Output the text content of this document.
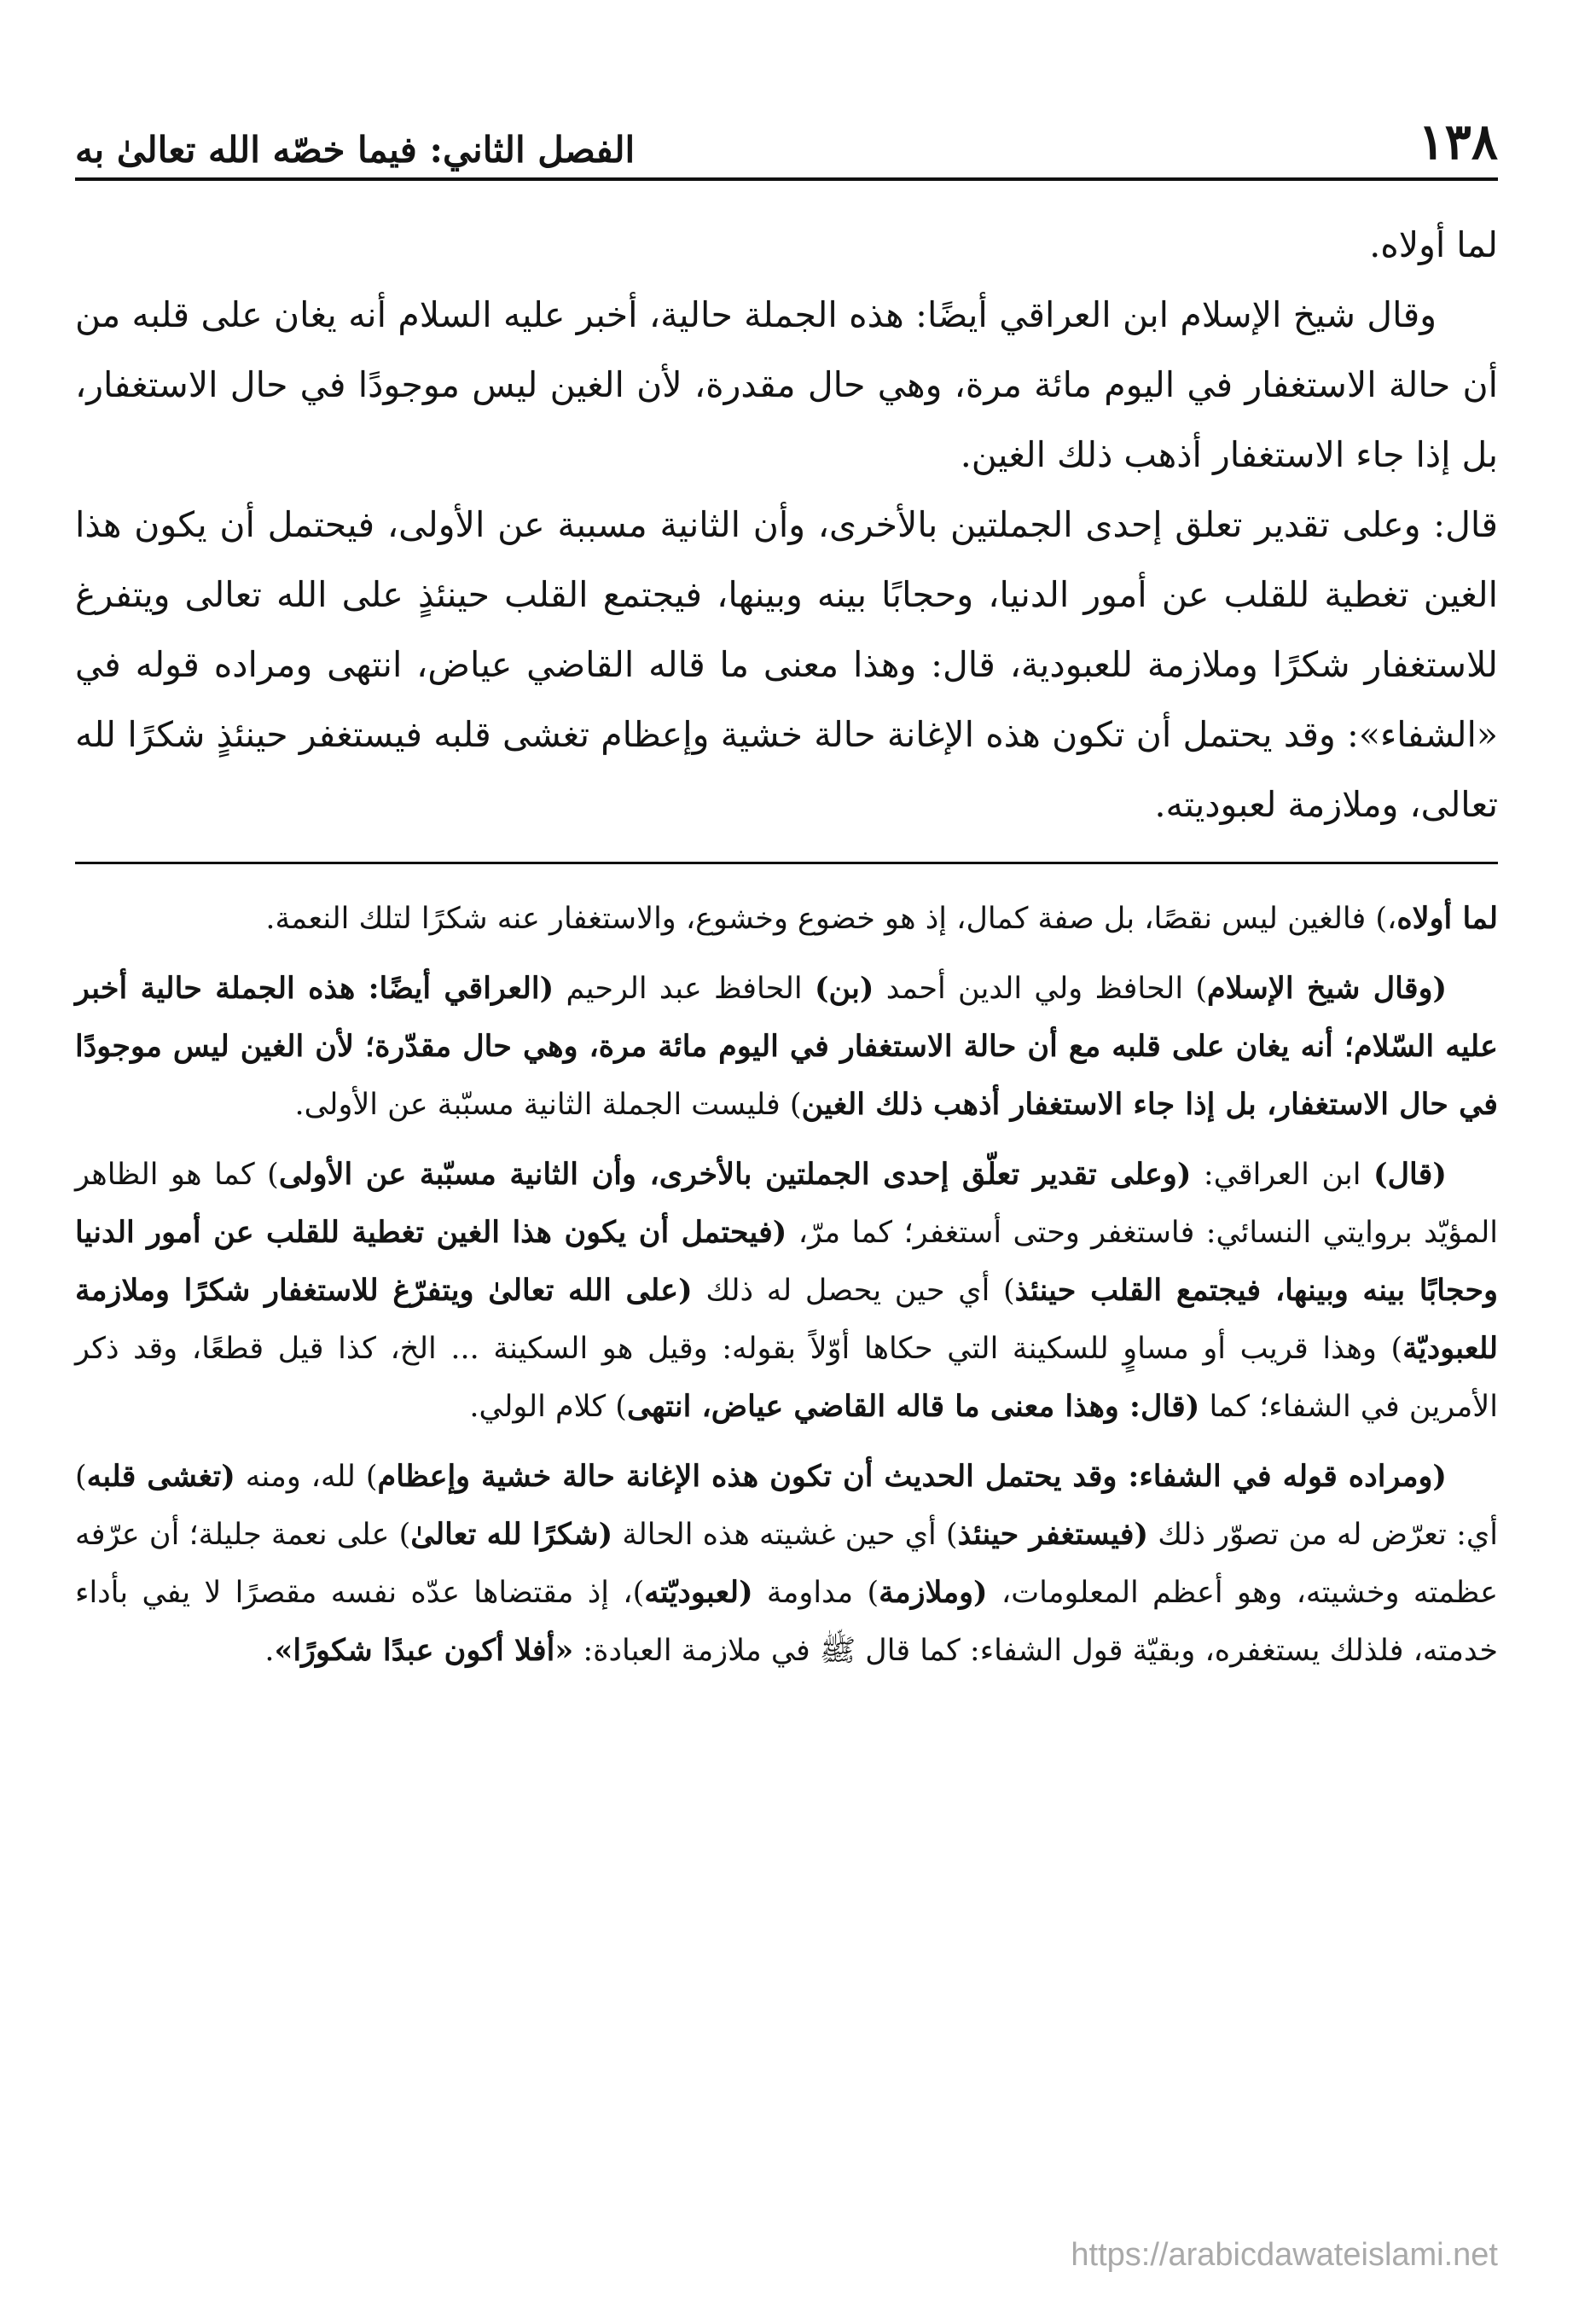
١٣٨
الفصل الثاني: فيما خصّه الله تعالىٰ به

لما أولاه.

وقال شيخ الإسلام ابن العراقي أيضًا: هذه الجملة حالية، أخبر عليه السلام أنه يغان على قلبه من أن حالة الاستغفار في اليوم مائة مرة، وهي حال مقدرة، لأن الغين ليس موجودًا في حال الاستغفار، بل إذا جاء الاستغفار أذهب ذلك الغين.

قال: وعلى تقدير تعلق إحدى الجملتين بالأخرى، وأن الثانية مسببة عن الأولى، فيحتمل أن يكون هذا الغين تغطية للقلب عن أمور الدنيا، وحجابًا بينه وبينها، فيجتمع القلب حينئذٍ على الله تعالى ويتفرغ للاستغفار شكرًا وملازمة للعبودية، قال: وهذا معنى ما قاله القاضي عياض، انتهى ومراده قوله في «الشفاء»: وقد يحتمل أن تكون هذه الإغانة حالة خشية وإعظام تغشى قلبه فيستغفر حينئذٍ شكرًا لله تعالى، وملازمة لعبوديته.

لما أولاه،) فالغين ليس نقصًا، بل صفة كمال، إذ هو خضوع وخشوع، والاستغفار عنه شكرًا لتلك النعمة.

(وقال شيخ الإسلام) الحافظ ولي الدين أحمد (بن) الحافظ عبد الرحيم (العراقي أيضًا: هذه الجملة حالية أخبر عليه السّلام؛ أنه يغان على قلبه مع أن حالة الاستغفار في اليوم مائة مرة، وهي حال مقدّرة؛ لأن الغين ليس موجودًا في حال الاستغفار، بل إذا جاء الاستغفار أذهب ذلك الغين) فليست الجملة الثانية مسبّبة عن الأولى.

(قال) ابن العراقي: (وعلى تقدير تعلّق إحدى الجملتين بالأخرى، وأن الثانية مسبّبة عن الأولى) كما هو الظاهر المؤيّد بروايتي النسائي: فاستغفر وحتى أستغفر؛ كما مرّ، (فيحتمل أن يكون هذا الغين تغطية للقلب عن أمور الدنيا وحجابًا بينه وبينها، فيجتمع القلب حينئذ) أي حين يحصل له ذلك (على الله تعالىٰ ويتفرّغ للاستغفار شكرًا وملازمة للعبوديّة) وهذا قريب أو مساوٍ للسكينة التي حكاها أوّلاً بقوله: وقيل هو السكينة ... الخ، كذا قيل قطعًا، وقد ذكر الأمرين في الشفاء؛ كما (قال: وهذا معنى ما قاله القاضي عياض، انتهى) كلام الولي.

(ومراده قوله في الشفاء: وقد يحتمل الحديث أن تكون هذه الإغانة حالة خشية وإعظام) لله، ومنه (تغشى قلبه) أي: تعرّض له من تصوّر ذلك (فيستغفر حينئذ) أي حين غشيته هذه الحالة (شكرًا لله تعالىٰ) على نعمة جليلة؛ أن عرّفه عظمته وخشيته، وهو أعظم المعلومات، (وملازمة) مداومة (لعبوديّته)، إذ مقتضاها عدّه نفسه مقصرًا لا يفي بأداء خدمته، فلذلك يستغفره، وبقيّة قول الشفاء: كما قال ﷺ في ملازمة العبادة: «أفلا أكون عبدًا شكورًا».

https://arabicdawateislami.net
